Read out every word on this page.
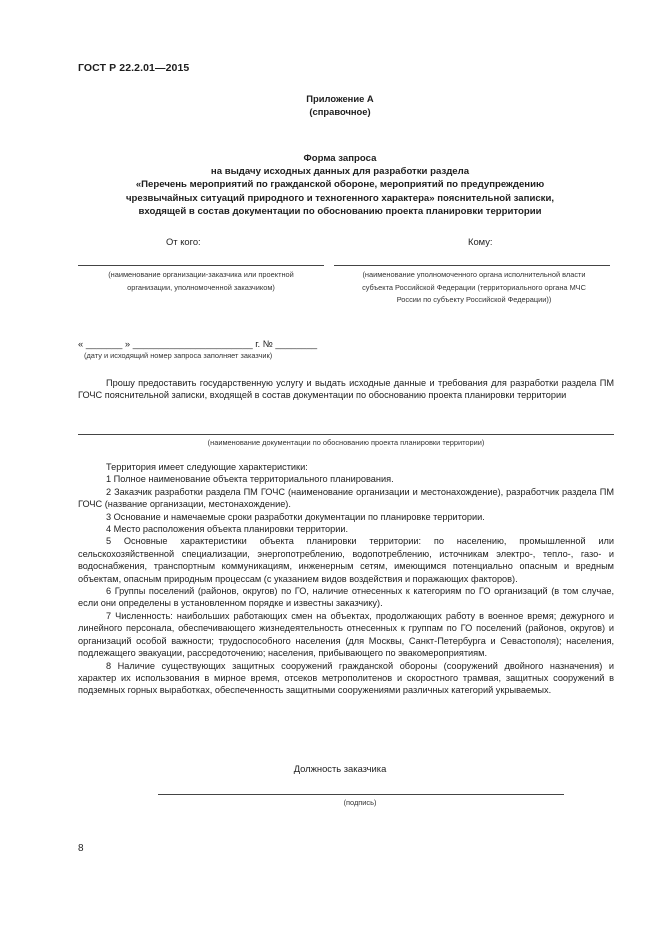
ГОСТ Р 22.2.01—2015
Приложение А
(справочное)
Форма запроса
на выдачу исходных данных для разработки раздела
«Перечень мероприятий по гражданской обороне, мероприятий по предупреждению
чрезвычайных ситуаций природного и техногенного характера» пояснительной записки,
входящей в состав документации по обоснованию проекта планировки территории
От кого:
(наименование организации-заказчика или проектной
организации, уполномоченной заказчиком)
Кому:
(наименование уполномоченного органа исполнительной власти
субъекта Российской Федерации (территориального органа МЧС
России по субъекту Российской Федерации))
« _______ » _______________________ г. № ________
(дату и исходящий номер запроса заполняет заказчик)

Прошу предоставить государственную услугу и выдать исходные данные и требования для разработки раздела ПМ ГОЧС пояснительной записки, входящей в состав документации по обоснованию проекта планировки территории

(наименование документации по обоснованию проекта планировки территории)

Территория имеет следующие характеристики:

1 Полное наименование объекта территориального планирования.

2 Заказчик разработки раздела ПМ ГОЧС (наименование организации и местонахождение), разработчик раздела ПМ ГОЧС (название организации, местонахождение).

3 Основание и намечаемые сроки разработки документации по планировке территории.

4 Место расположения объекта планировки территории.

5 Основные характеристики объекта планировки территории: по населению, промышленной или сельскохозяйственной специализации, энергопотреблению, водопотреблению, источникам электро-, тепло-, газо- и водоснабжения, транспортным коммуникациям, инженерным сетям, имеющимся потенциально опасным и вредным объектам, опасным природным процессам (с указанием видов воздействия и поражающих факторов).

6 Группы поселений (районов, округов) по ГО, наличие отнесенных к категориям по ГО организаций (в том случае, если они определены в установленном порядке и известны заказчику).

7 Численность: наибольших работающих смен на объектах, продолжающих работу в военное время; дежурного и линейного персонала, обеспечивающего жизнедеятельность отнесенных к группам по ГО поселений (районов, округов) и организаций особой важности; трудоспособного населения (для Москвы, Санкт-Петербурга и Севастополя); населения, подлежащего эвакуации, рассредоточению; населения, прибывающего по эвакомероприятиям.

8 Наличие существующих защитных сооружений гражданской обороны (сооружений двойного назначения) и характер их использования в мирное время, отсеков метрополитенов и скоростного трамвая, защитных сооружений в подземных горных выработках, обеспеченность защитными сооружениями различных категорий укрываемых.

Должность заказчика
(подпись)
8
